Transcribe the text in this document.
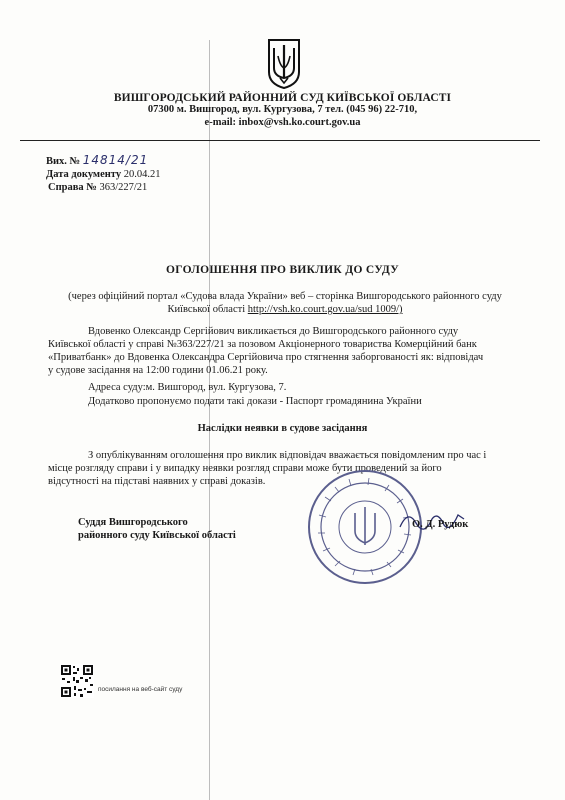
ВИШГОРОДСЬКИЙ РАЙОННИЙ СУД КИЇВСЬКОЇ ОБЛАСТІ
07300 м. Вишгород, вул. Кургузова, 7 тел. (045 96) 22-710,
e-mail: inbox@vsh.ko.court.gov.ua
Вих. № 14814/21
Дата документу 20.04.21
Справа № 363/227/21
ОГОЛОШЕННЯ ПРО ВИКЛИК ДО СУДУ
(через офіційний портал «Судова влада України» веб – сторінка Вишгородського районного суду
Київської області http://vsh.ko.court.gov.ua/sud 1009/)
Вдовенко Олександр Сергійович викликається до Вишгородського районного суду
Київської області у справі №363/227/21 за позовом Акціонерного товариства Комерційний банк
«Приватбанк» до Вдовенка Олександра Сергійовича про стягнення заборгованості як: відповідач
у судове засідання на 12:00 години 01.06.21 року.
Адреса суду:м. Вишгород, вул. Кургузова, 7.
Додатково пропонуємо подати такі докази - Паспорт громадянина України
Наслідки неявки в судове засідання
З опублікуванням оголошення про виклик відповідач вважається повідомленим про час і
місце розгляду справи і у випадку неявки розгляд справи може бути проведений за його
відсутності на підставі наявних у справі доказів.
Суддя Вишгородського
районного суду Київської області
О. Д. Рудюк
посилання на веб-сайт суду
